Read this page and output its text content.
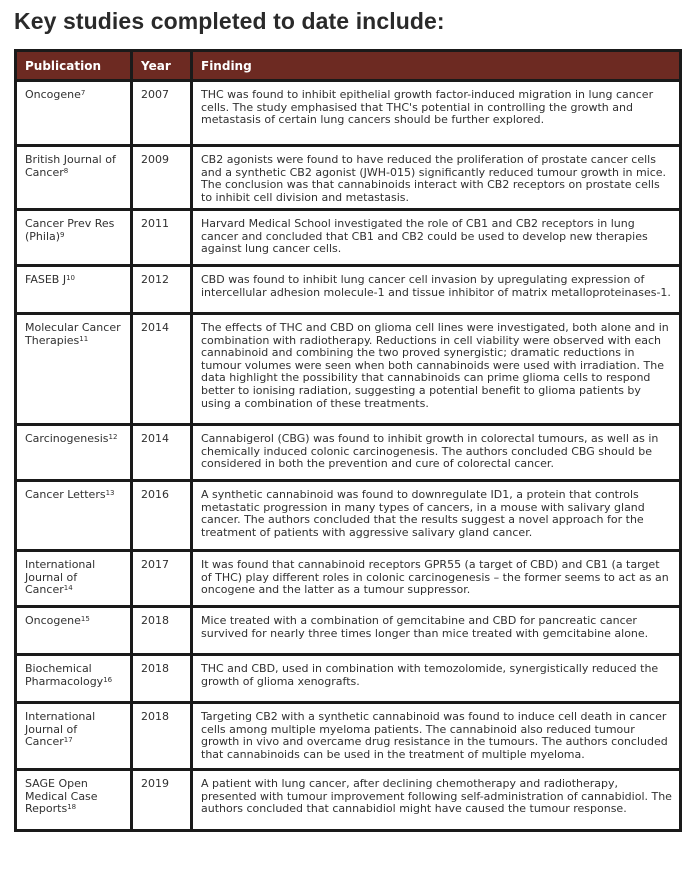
Key studies completed to date include:
Publication	Year	Finding
Oncogene$^7$	2007	THC was found to inhibit epithelial growth factor-induced migration in lung cancer cells. The study emphasised that THC's potential in controlling the growth and metastasis of certain lung cancers should be further explored.
British Journal of Cancer$^8$	2009	CB2 agonists were found to have reduced the proliferation of prostate cancer cells and a synthetic CB2 agonist (JWH-015) significantly reduced tumour growth in mice. The conclusion was that cannabinoids interact with CB2 receptors on prostate cells to inhibit cell division and metastasis.
Cancer Prev Res (Phila)$^9$	2011	Harvard Medical School investigated the role of CB1 and CB2 receptors in lung cancer and concluded that CB1 and CB2 could be used to develop new therapies against lung cancer cells.
FASEB $J^{10}$	2012	CBD was found to inhibit lung cancer cell invasion by upregulating expression of intercellular adhesion molecule-1 and tissue inhibitor of matrix metalloproteinases-1.
Molecular Cancer Therapies$^{11}$	2014	The effects of THC and CBD on glioma cell lines were investigated, both alone and in combination with radiotherapy. Reductions in cell viability were observed with each cannabinoid and combining the two proved synergistic; dramatic reductions in tumour volumes were seen when both cannabinoids were used with irradiation. The data highlight the possibility that cannabinoids can prime glioma cells to respond better to ionising radiation, suggesting a potential benefit to glioma patients by using a combination of these treatments.
Carcinogenesis$^{12}$	2014	Cannabigerol (CBG) was found to inhibit growth in colorectal tumours, as well as in chemically induced colonic carcinogenesis. The authors concluded CBG should be considered in both the prevention and cure of colorectal cancer.
Cancer Letters$^{13}$	2016	A synthetic cannabinoid was found to downregulate ID1, a protein that controls metastatic progression in many types of cancers, in a mouse with salivary gland cancer. The authors concluded that the results suggest a novel approach for the treatment of patients with aggressive salivary gland cancer.
International Journal of Cancer$^{14}$	2017	It was found that cannabinoid receptors GPR55 (a target of CBD) and CB1 (a target of THC) play different roles in colonic carcinogenesis – the former seems to act as an oncogene and the latter as a tumour suppressor.
Oncogene$^{15}$	2018	Mice treated with a combination of gemcitabine and CBD for pancreatic cancer survived for nearly three times longer than mice treated with gemcitabine alone.
Biochemical Pharmacology$^{16}$	2018	THC and CBD, used in combination with temozolomide, synergistically reduced the growth of glioma xenografts.
International Journal of Cancer$^{17}$	2018	Targeting CB2 with a synthetic cannabinoid was found to induce cell death in cancer cells among multiple myeloma patients. The cannabinoid also reduced tumour growth in vivo and overcame drug resistance in the tumours. The authors concluded that cannabinoids can be used in the treatment of multiple myeloma.
SAGE Open Medical Case Reports$^{18}$	2019	A patient with lung cancer, after declining chemotherapy and radiotherapy, presented with tumour improvement following self-administration of cannabidiol. The authors concluded that cannabidiol might have caused the tumour response.
